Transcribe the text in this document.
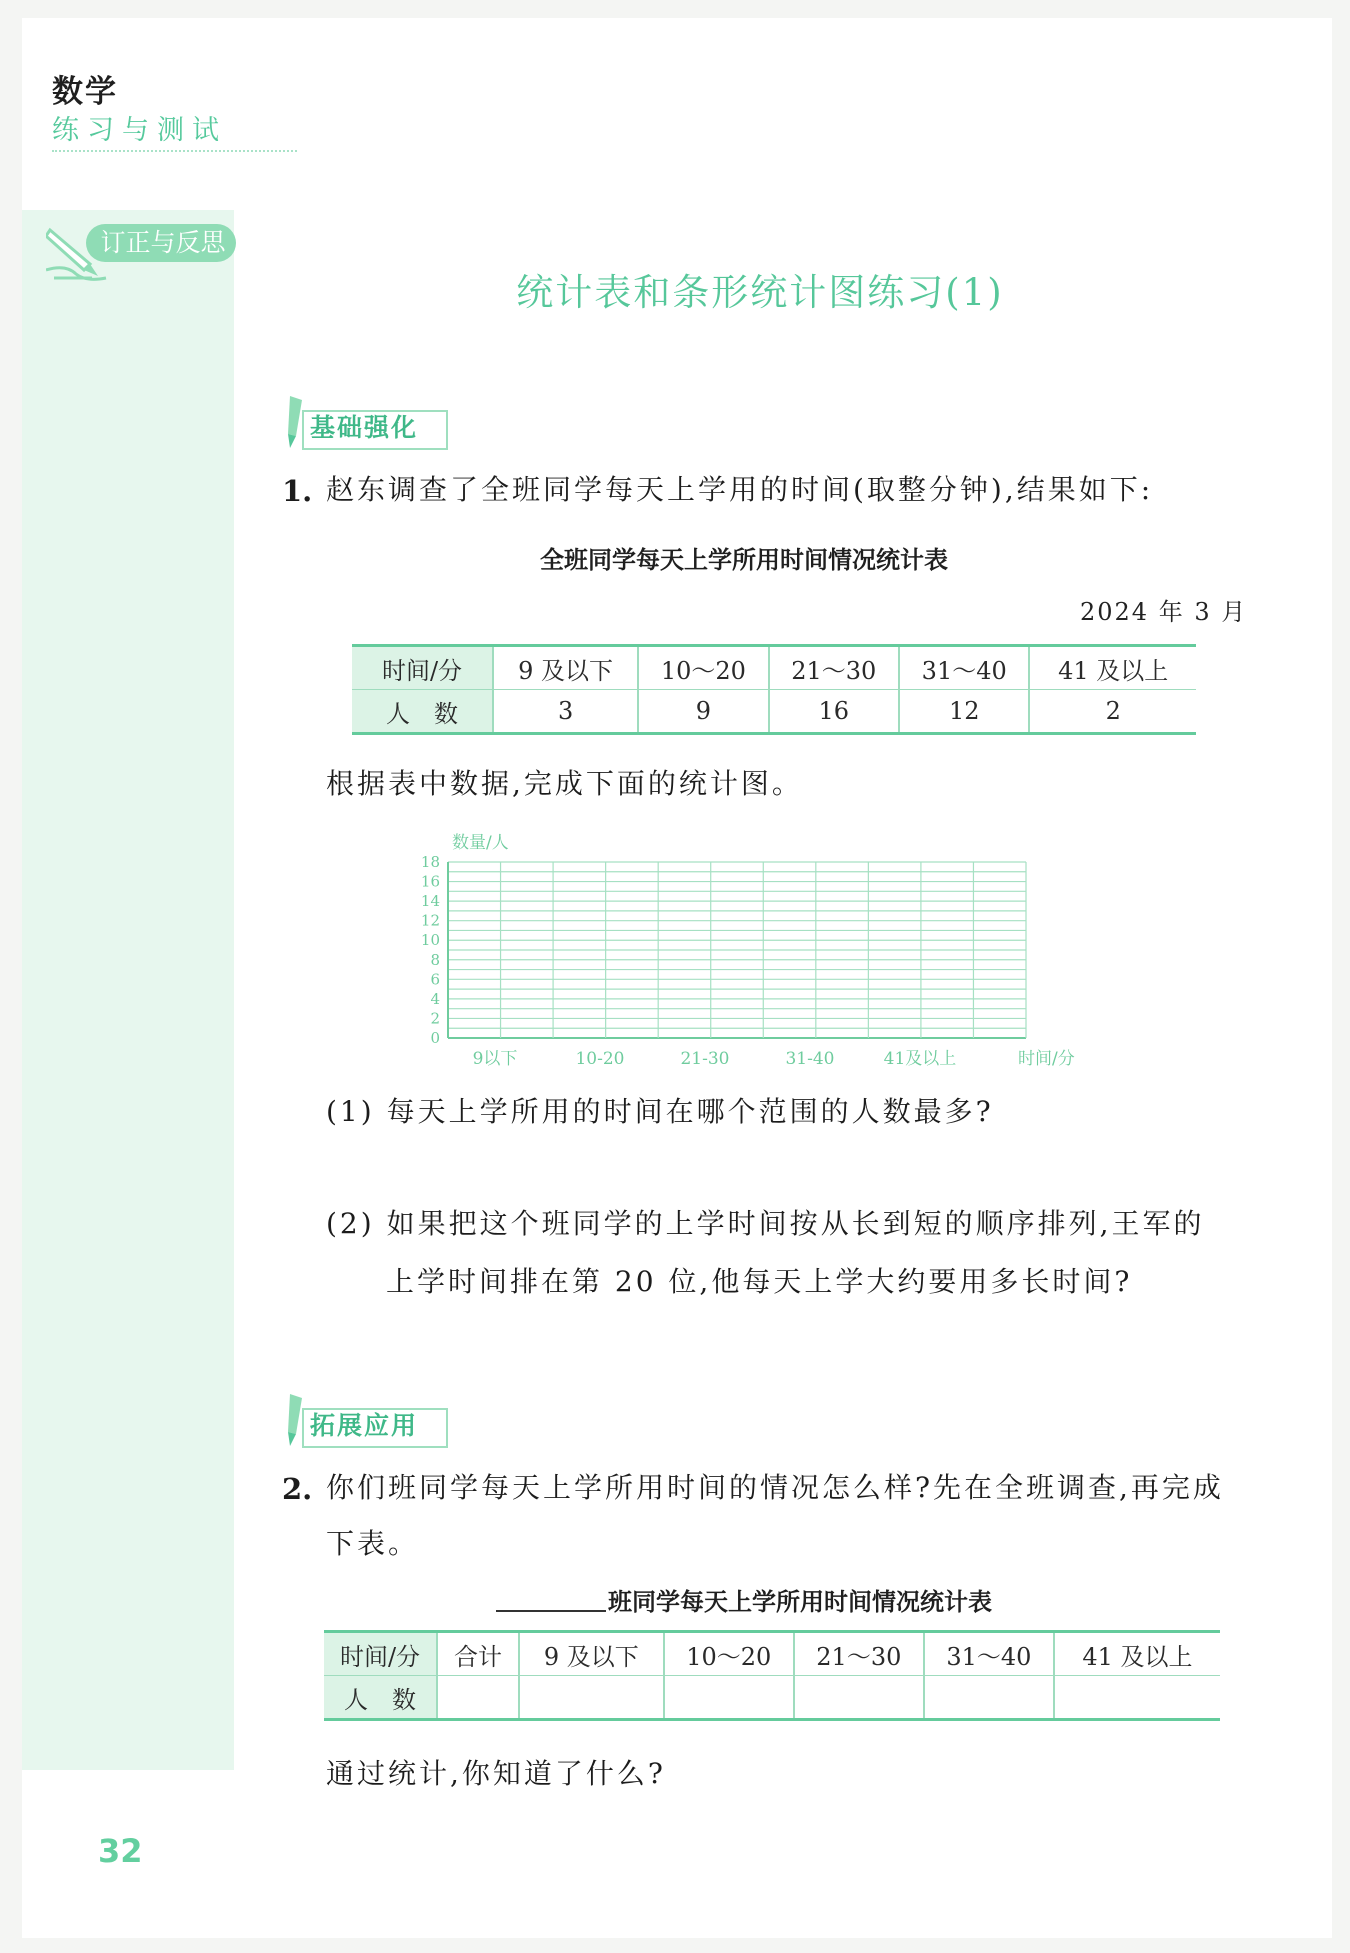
数学
练习与测试
订正与反思
统计表和条形统计图练习(1)
基础强化
1. 赵东调查了全班同学每天上学用的时间(取整分钟),结果如下:
全班同学每天上学所用时间情况统计表
2024 年 3 月
时间/分	9 及以下	10～20	21～30	31～40	41 及以上
人　数	3	9	16	12	2
根据表中数据,完成下面的统计图。
0
2
4
6
8
10
12
14
16
18
数量/人
9以下	10-20	21-30	31-40	41及以上	时间/分
(1) 每天上学所用的时间在哪个范围的人数最多?
(2) 如果把这个班同学的上学时间按从长到短的顺序排列,王军的
上学时间排在第 20 位,他每天上学大约要用多长时间?
拓展应用
2. 你们班同学每天上学所用时间的情况怎么样?先在全班调查,再完成
下表。
班同学每天上学所用时间情况统计表
时间/分	合计	9 及以下	10～20	21～30	31～40	41 及以上
人　数						
通过统计,你知道了什么?
32
